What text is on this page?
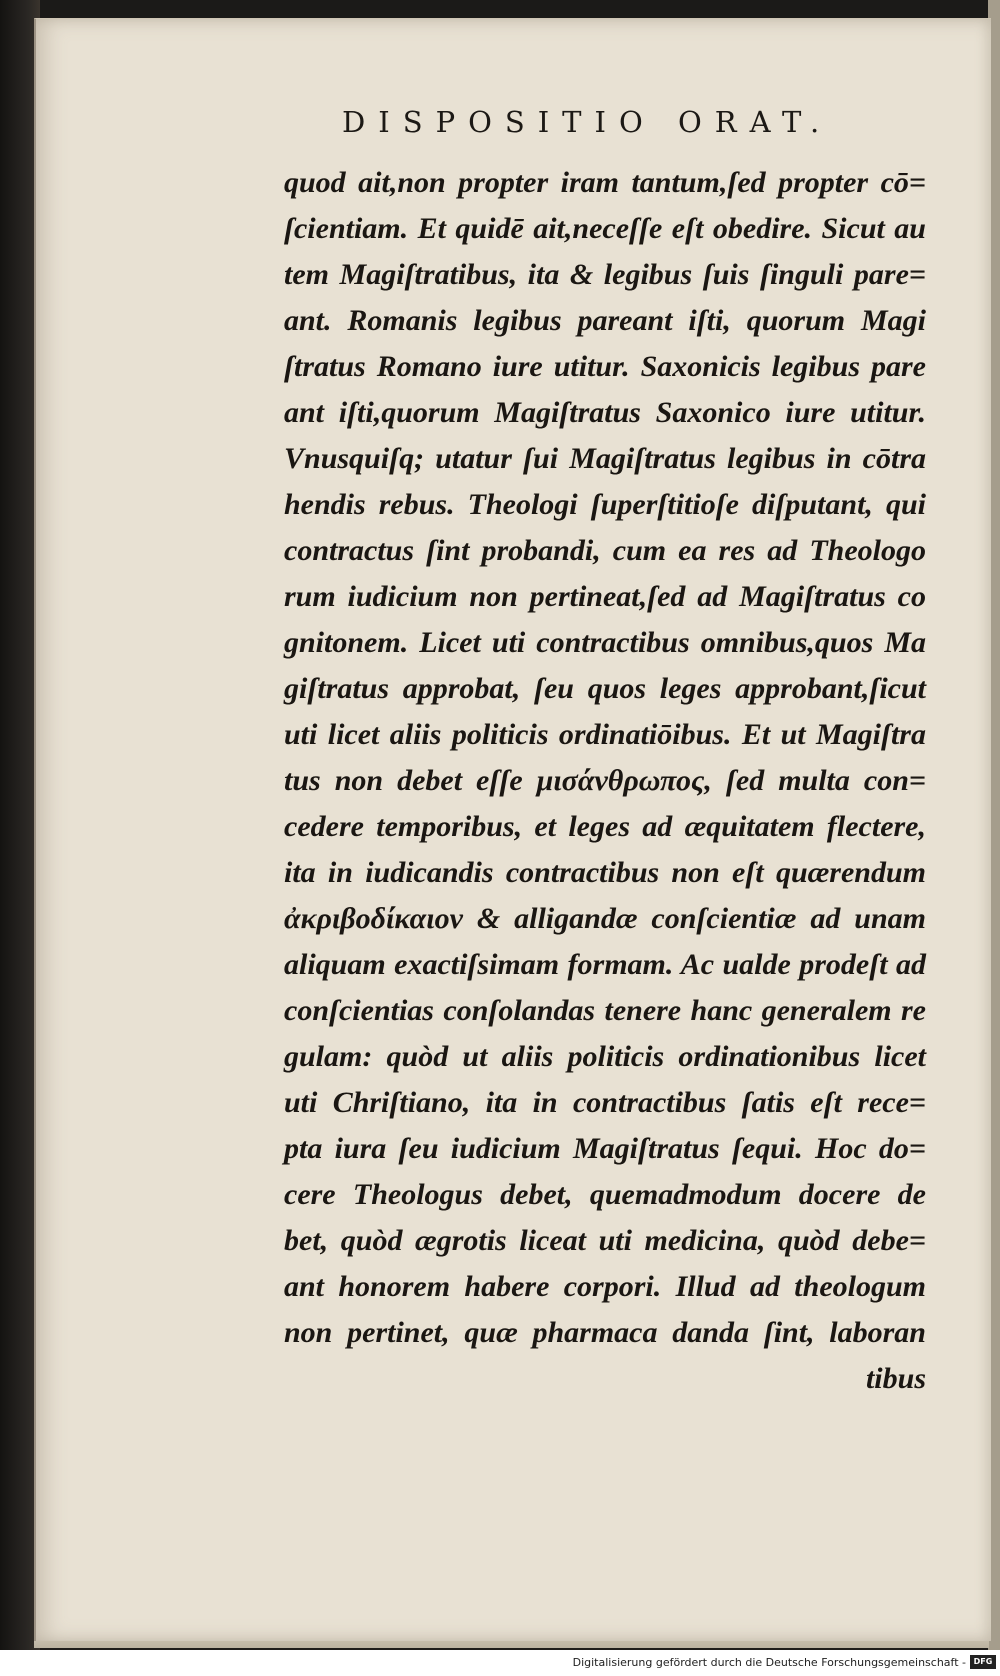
DISPOSITIO ORAT.
quod ait,non propter iram tantum,ſed propter cō=
ſcientiam. Et quidē ait,neceſſe eſt obedire. Sicut au
tem Magiſtratibus, ita & legibus ſuis ſinguli pare=
ant. Romanis legibus pareant iſti, quorum Magi
ſtratus Romano iure utitur. Saxonicis legibus pare
ant iſti,quorum Magiſtratus Saxonico iure utitur.
Vnusquiſq; utatur ſui Magiſtratus legibus in cōtra
hendis rebus. Theologi ſuperſtitioſe diſputant, qui
contractus ſint probandi, cum ea res ad Theologo
rum iudicium non pertineat,ſed ad Magiſtratus co
gnitonem. Licet uti contractibus omnibus,quos Ma
giſtratus approbat, ſeu quos leges approbant,ſicut
uti licet aliis politicis ordinatiōibus. Et ut Magiſtra
tus non debet eſſe μισάνθρωπος, ſed multa con=
cedere temporibus, et leges ad æquitatem flectere,
ita in iudicandis contractibus non eſt quærendum
ἀκριβοδίκαιον & alligandæ conſcientiæ ad unam
aliquam exactiſsimam formam. Ac ualde prodeſt ad
conſcientias conſolandas tenere hanc generalem re
gulam: quòd ut aliis politicis ordinationibus licet
uti Chriſtiano, ita in contractibus ſatis eſt rece=
pta iura ſeu iudicium Magiſtratus ſequi. Hoc do=
cere Theologus debet, quemadmodum docere de
bet, quòd ægrotis liceat uti medicina, quòd debe=
ant honorem habere corpori. Illud ad theologum
non pertinet, quæ pharmaca danda ſint, laboran
tibus
Digitalisierung gefördert durch die Deutsche Forschungsgemeinschaft - DFG
